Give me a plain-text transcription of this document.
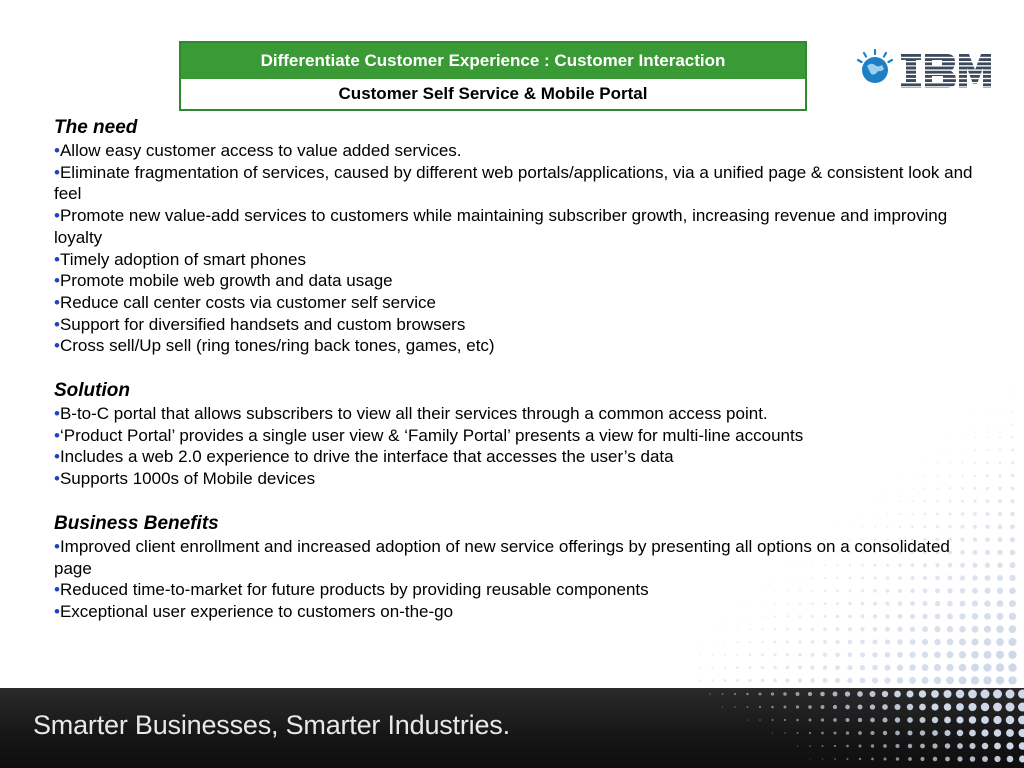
Differentiate Customer Experience : Customer Interaction
Customer Self Service & Mobile Portal
The need

•Allow easy customer access to value added services.

•Eliminate fragmentation of services, caused by different web portals/applications, via a unified page & consistent look and feel

•Promote new value-add services to customers while maintaining subscriber growth, increasing revenue and improving loyalty

•Timely adoption of smart phones

•Promote mobile web growth and data usage

•Reduce call center costs via customer self service

•Support for diversified handsets and custom browsers

•Cross sell/Up sell (ring tones/ring back tones, games, etc)

Solution

•B-to-C portal that allows subscribers to view all their services through a common access point.

•‘Product Portal’ provides a single user view & ‘Family Portal’ presents a view for multi-line accounts

•Includes a web 2.0 experience to drive the interface that accesses the user’s data

•Supports 1000s of Mobile devices

Business Benefits

•Improved client enrollment and increased adoption of new service offerings by presenting all options on a consolidated page

•Reduced time-to-market for future products by providing reusable components

•Exceptional user experience to customers on-the-go

Smarter Businesses, Smarter Industries.
